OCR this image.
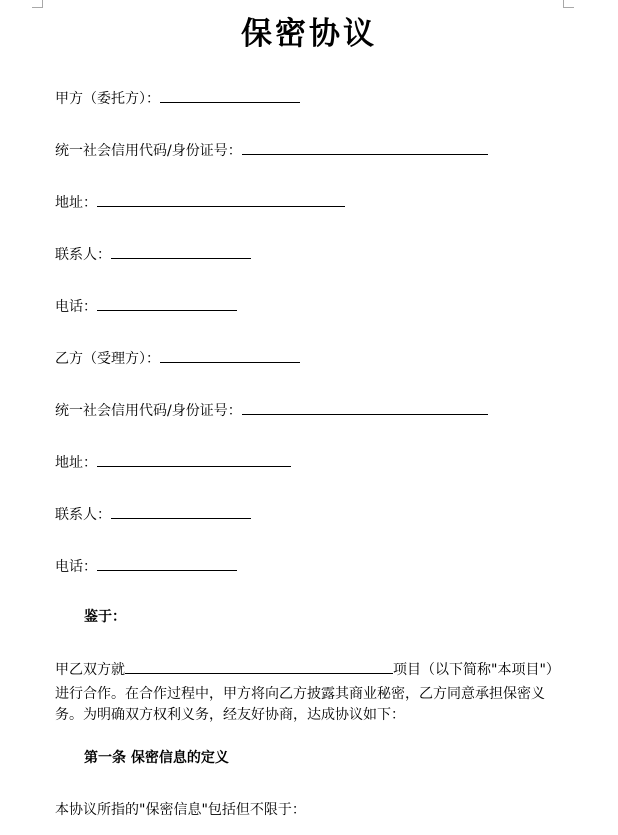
保密协议
甲方（委托方）：
统一社会信用代码/身份证号：
地址：
联系人：
电话：
乙方（受理方）：
统一社会信用代码/身份证号：
地址：
联系人：
电话：
鉴于：
甲乙双方就	项目（以下简称"本项目"）
进行合作。在合作过程中，甲方将向乙方披露其商业秘密，乙方同意承担保密义务。为明确双方权利义务，经友好协商，达成协议如下：
第一条 保密信息的定义
本协议所指的"保密信息"包括但不限于：
